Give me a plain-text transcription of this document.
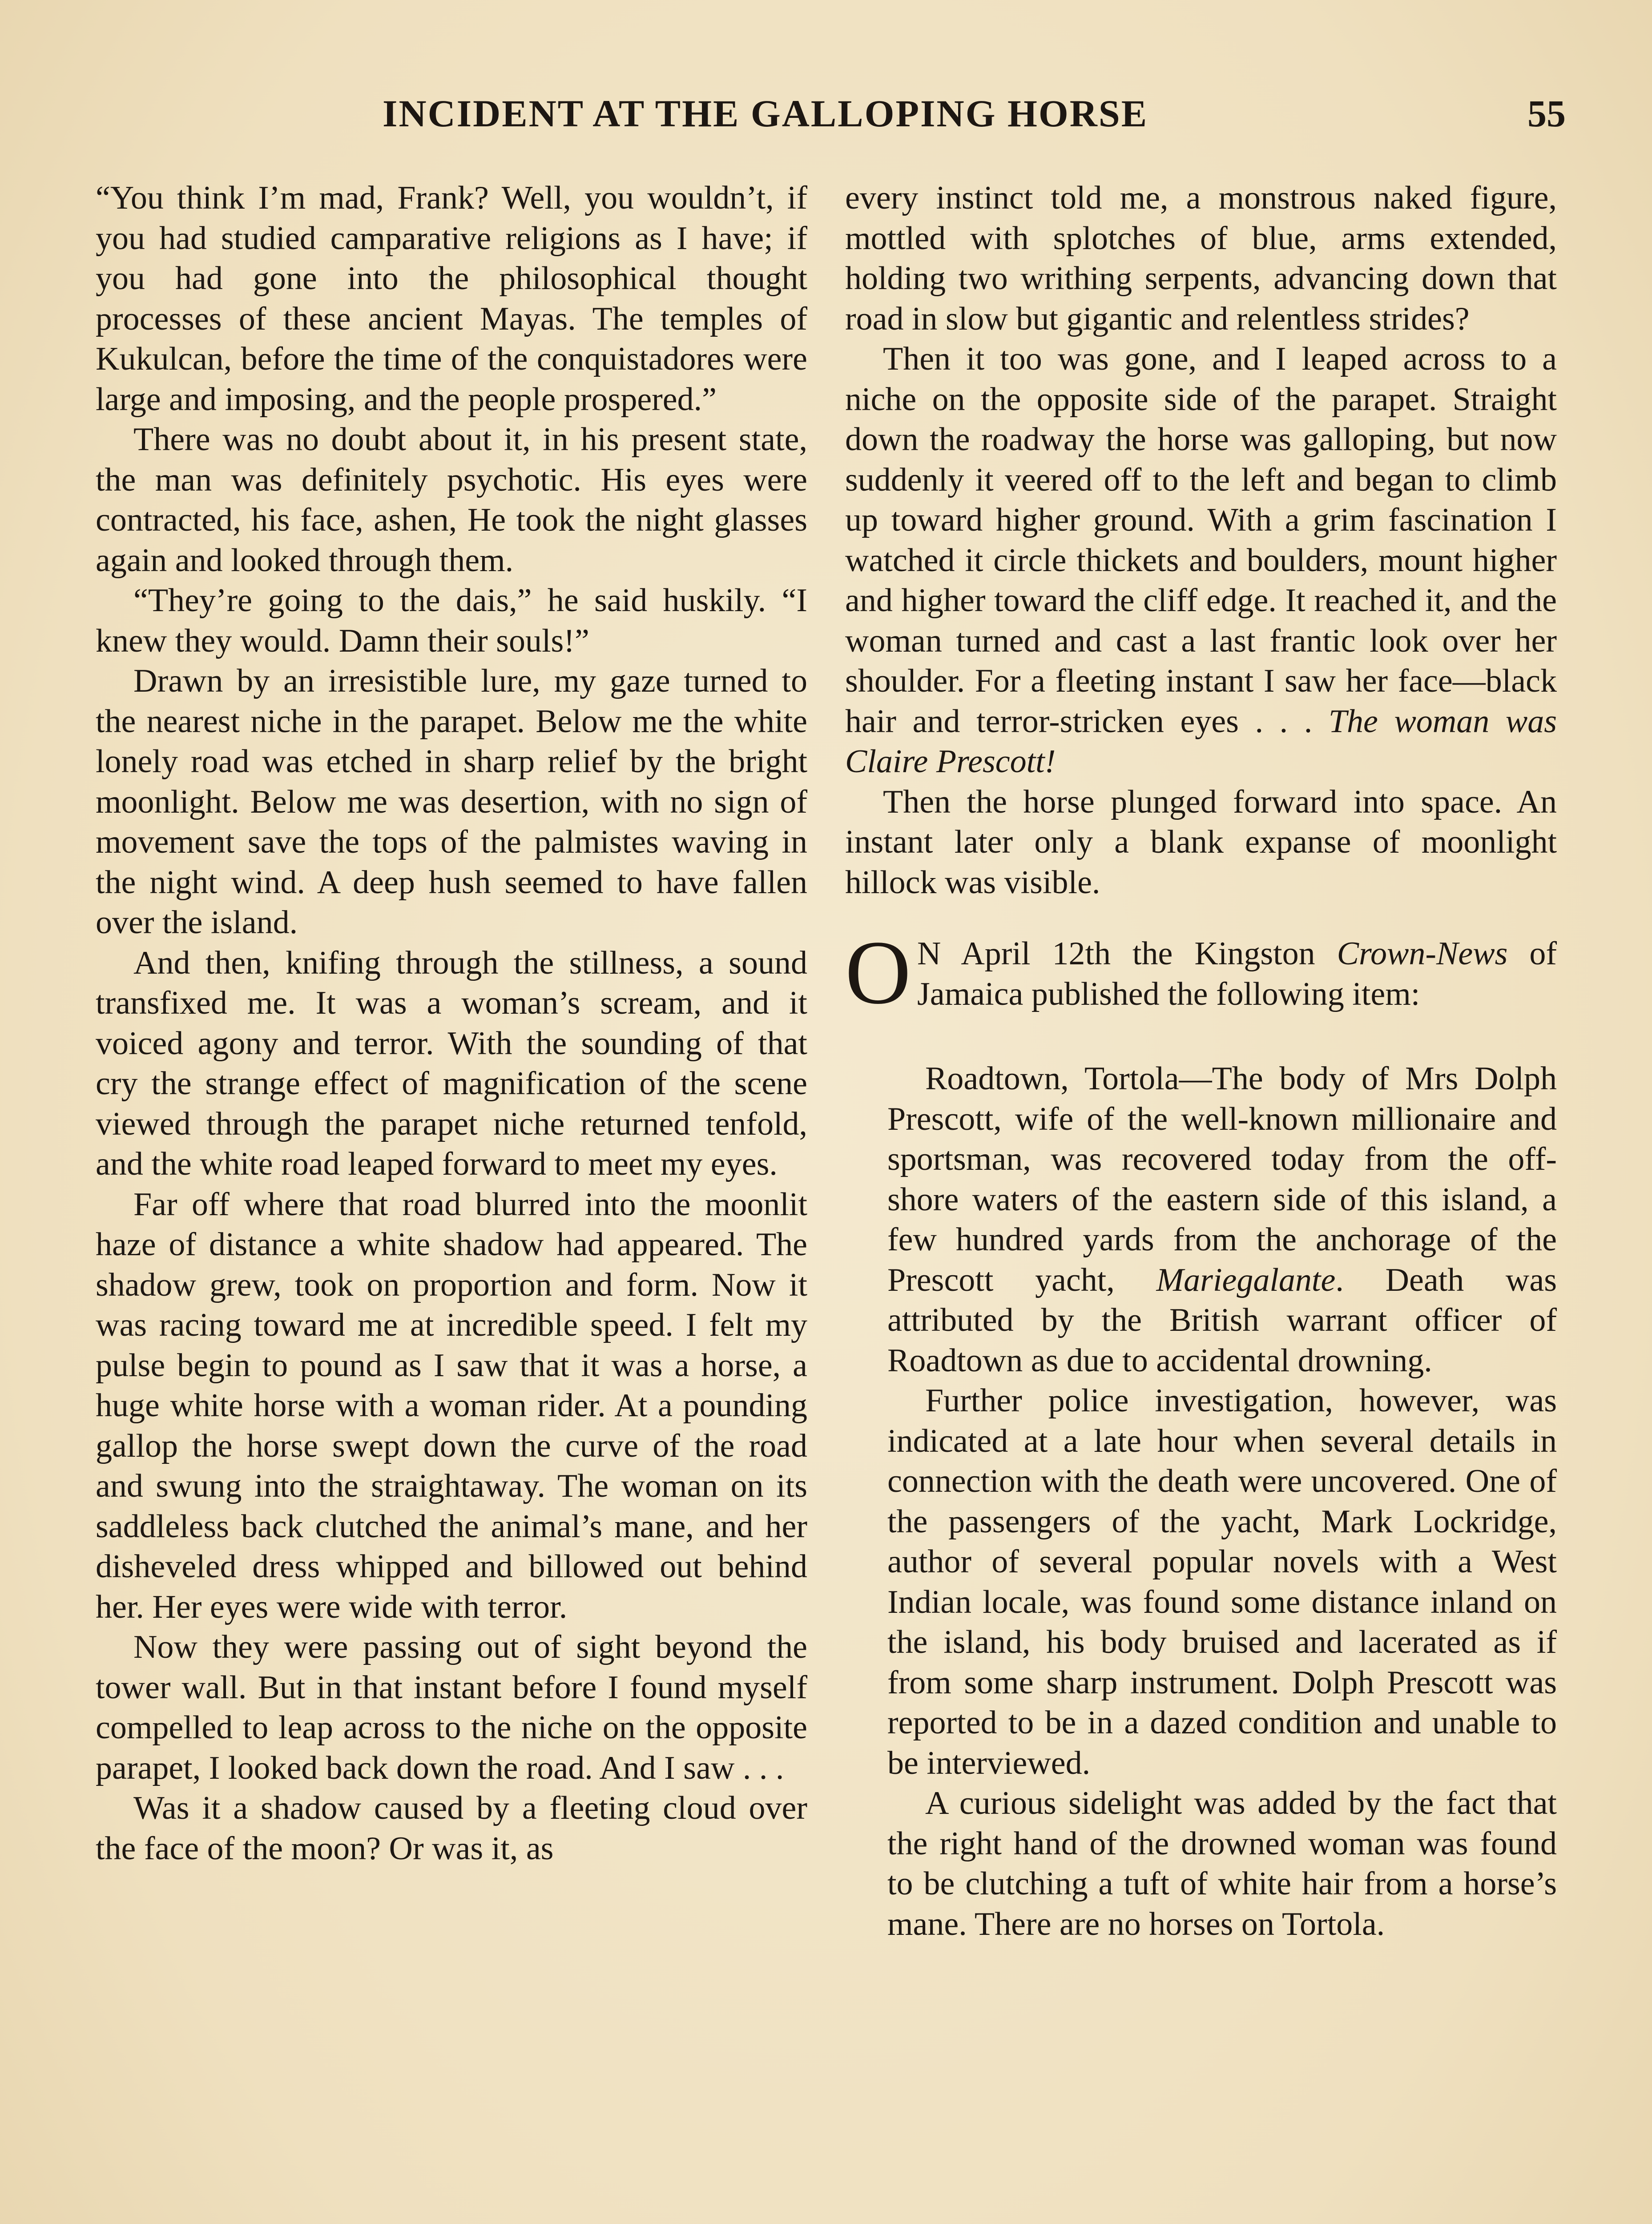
INCIDENT AT THE GALLOPING HORSE	55

“You think I’m mad, Frank? Well, you wouldn’t, if you had studied camparative religions as I have; if you had gone into the philosophical thought processes of these ancient Mayas. The temples of Kukulcan, before the time of the conquistadores were large and imposing, and the people prospered.”

There was no doubt about it, in his present state, the man was definitely psychotic. His eyes were contracted, his face, ashen, He took the night glasses again and looked through them.

“They’re going to the dais,” he said huskily. “I knew they would. Damn their souls!”

Drawn by an irresistible lure, my gaze turned to the nearest niche in the parapet. Below me the white lonely road was etched in sharp relief by the bright moonlight. Below me was desertion, with no sign of movement save the tops of the palmistes waving in the night wind. A deep hush seemed to have fallen over the island.

And then, knifing through the stillness, a sound transfixed me. It was a woman’s scream, and it voiced agony and terror. With the sounding of that cry the strange effect of magnification of the scene viewed through the parapet niche returned tenfold, and the white road leaped forward to meet my eyes.

Far off where that road blurred into the moonlit haze of distance a white shadow had appeared. The shadow grew, took on proportion and form. Now it was racing toward me at incredible speed. I felt my pulse begin to pound as I saw that it was a horse, a huge white horse with a woman rider. At a pounding gallop the horse swept down the curve of the road and swung into the straightaway. The woman on its saddleless back clutched the animal’s mane, and her disheveled dress whipped and billowed out behind her. Her eyes were wide with terror.

Now they were passing out of sight beyond the tower wall. But in that instant before I found myself compelled to leap across to the niche on the opposite parapet, I looked back down the road. And I saw . . .

Was it a shadow caused by a fleeting cloud over the face of the moon? Or was it, as

every instinct told me, a monstrous naked figure, mottled with splotches of blue, arms extended, holding two writhing serpents, advancing down that road in slow but gigantic and relentless strides?

Then it too was gone, and I leaped across to a niche on the opposite side of the parapet. Straight down the roadway the horse was galloping, but now suddenly it veered off to the left and began to climb up toward higher ground. With a grim fascination I watched it circle thickets and boulders, mount higher and higher toward the cliff edge. It reached it, and the woman turned and cast a last frantic look over her shoulder. For a fleeting instant I saw her face—black hair and terror-stricken eyes . . . The woman was Claire Prescott!

Then the horse plunged forward into space. An instant later only a blank expanse of moonlight hillock was visible.

O N April 12th the Kingston Crown-News of Jamaica published the following item:

Roadtown, Tortola—The body of Mrs Dolph Prescott, wife of the well-known millionaire and sportsman, was recovered today from the off-shore waters of the eastern side of this island, a few hundred yards from the anchorage of the Prescott yacht, Mariegalante. Death was attributed by the British warrant officer of Roadtown as due to accidental drowning.

Further police investigation, however, was indicated at a late hour when several details in connection with the death were uncovered. One of the passengers of the yacht, Mark Lockridge, author of several popular novels with a West Indian locale, was found some distance inland on the island, his body bruised and lacerated as if from some sharp instrument. Dolph Prescott was reported to be in a dazed condition and unable to be interviewed.

A curious sidelight was added by the fact that the right hand of the drowned woman was found to be clutching a tuft of white hair from a horse’s mane. There are no horses on Tortola.
